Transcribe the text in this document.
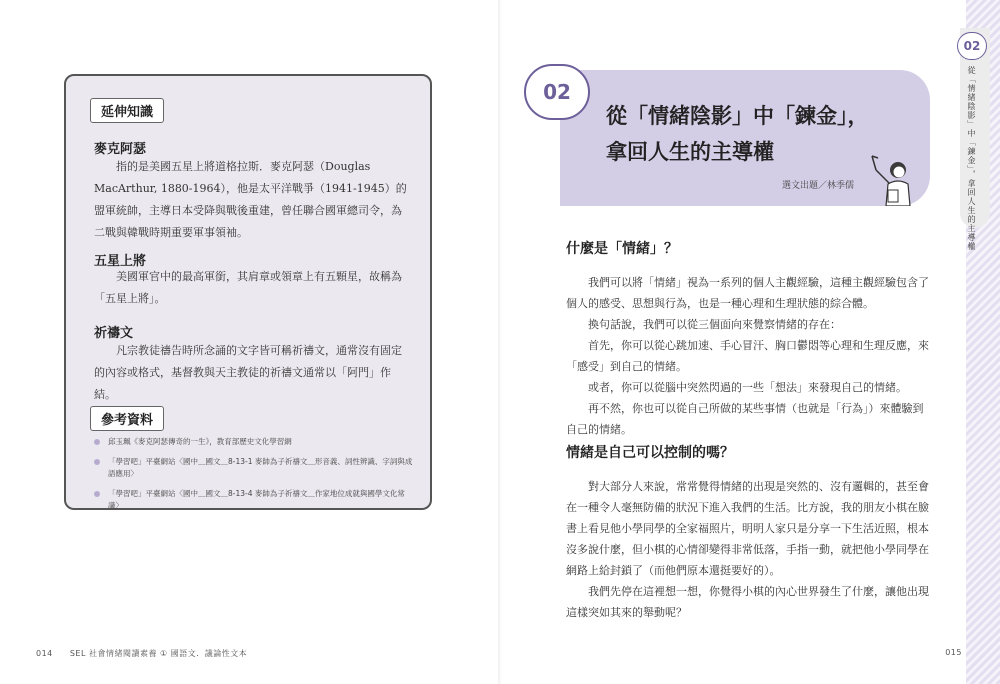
延伸知識
麥克阿瑟
指的是美國五星上將道格拉斯．麥克阿瑟（Douglas MacArthur, 1880-1964），他是太平洋戰爭（1941-1945）的盟軍統帥，主導日本受降與戰後重建，曾任聯合國軍總司令，為二戰與韓戰時期重要軍事領袖。
五星上將
美國軍官中的最高軍銜，其肩章或領章上有五顆星，故稱為「五星上將」。
祈禱文
凡宗教徒禱告時所念誦的文字皆可稱祈禱文，通常沒有固定的內容或格式，基督教與天主教徒的祈禱文通常以「阿門」作結。
參考資料
邱玉珮《麥克阿瑟傳奇的一生》，教育部歷史文化學習網
「學習吧」平臺網站〈國中＿國文＿8-13-1 麥帥為子祈禱文＿形音義、詞性辨識、字詞與成語應用〉
「學習吧」平臺網站〈國中＿國文＿8-13-4 麥帥為子祈禱文＿作家地位成就與國學文化常識〉
014 SEL 社會情緒閱讀素養 ① 國語文．議論性文本
02
從「情緒陰影」中「鍊金」，
拿回人生的主導權
選文出題／林季儒
什麼是「情緒」？

我們可以將「情緒」視為一系列的個人主觀經驗，這種主觀經驗包含了個人的感受、思想與行為，也是一種心理和生理狀態的綜合體。

換句話說，我們可以從三個面向來覺察情緒的存在：

首先，你可以從心跳加速、手心冒汗、胸口鬱悶等心理和生理反應，來「感受」到自己的情緒。

或者，你可以從腦中突然閃過的一些「想法」來發現自己的情緒。

再不然，你也可以從自己所做的某些事情（也就是「行為」）來體驗到自己的情緒。

情緒是自己可以控制的嗎？

對大部分人來說，常常覺得情緒的出現是突然的、沒有邏輯的，甚至會在一種令人毫無防備的狀況下進入我們的生活。比方說，我的朋友小棋在臉書上看見他小學同學的全家福照片，明明人家只是分享一下生活近照，根本沒多說什麼，但小棋的心情卻變得非常低落，手指一動，就把他小學同學在網路上給封鎖了（而他們原本還挺要好的）。

我們先停在這裡想一想，你覺得小棋的內心世界發生了什麼，讓他出現這樣突如其來的舉動呢？

015
02
從「情緒陰影」中「鍊金」，拿回人生的主導權
